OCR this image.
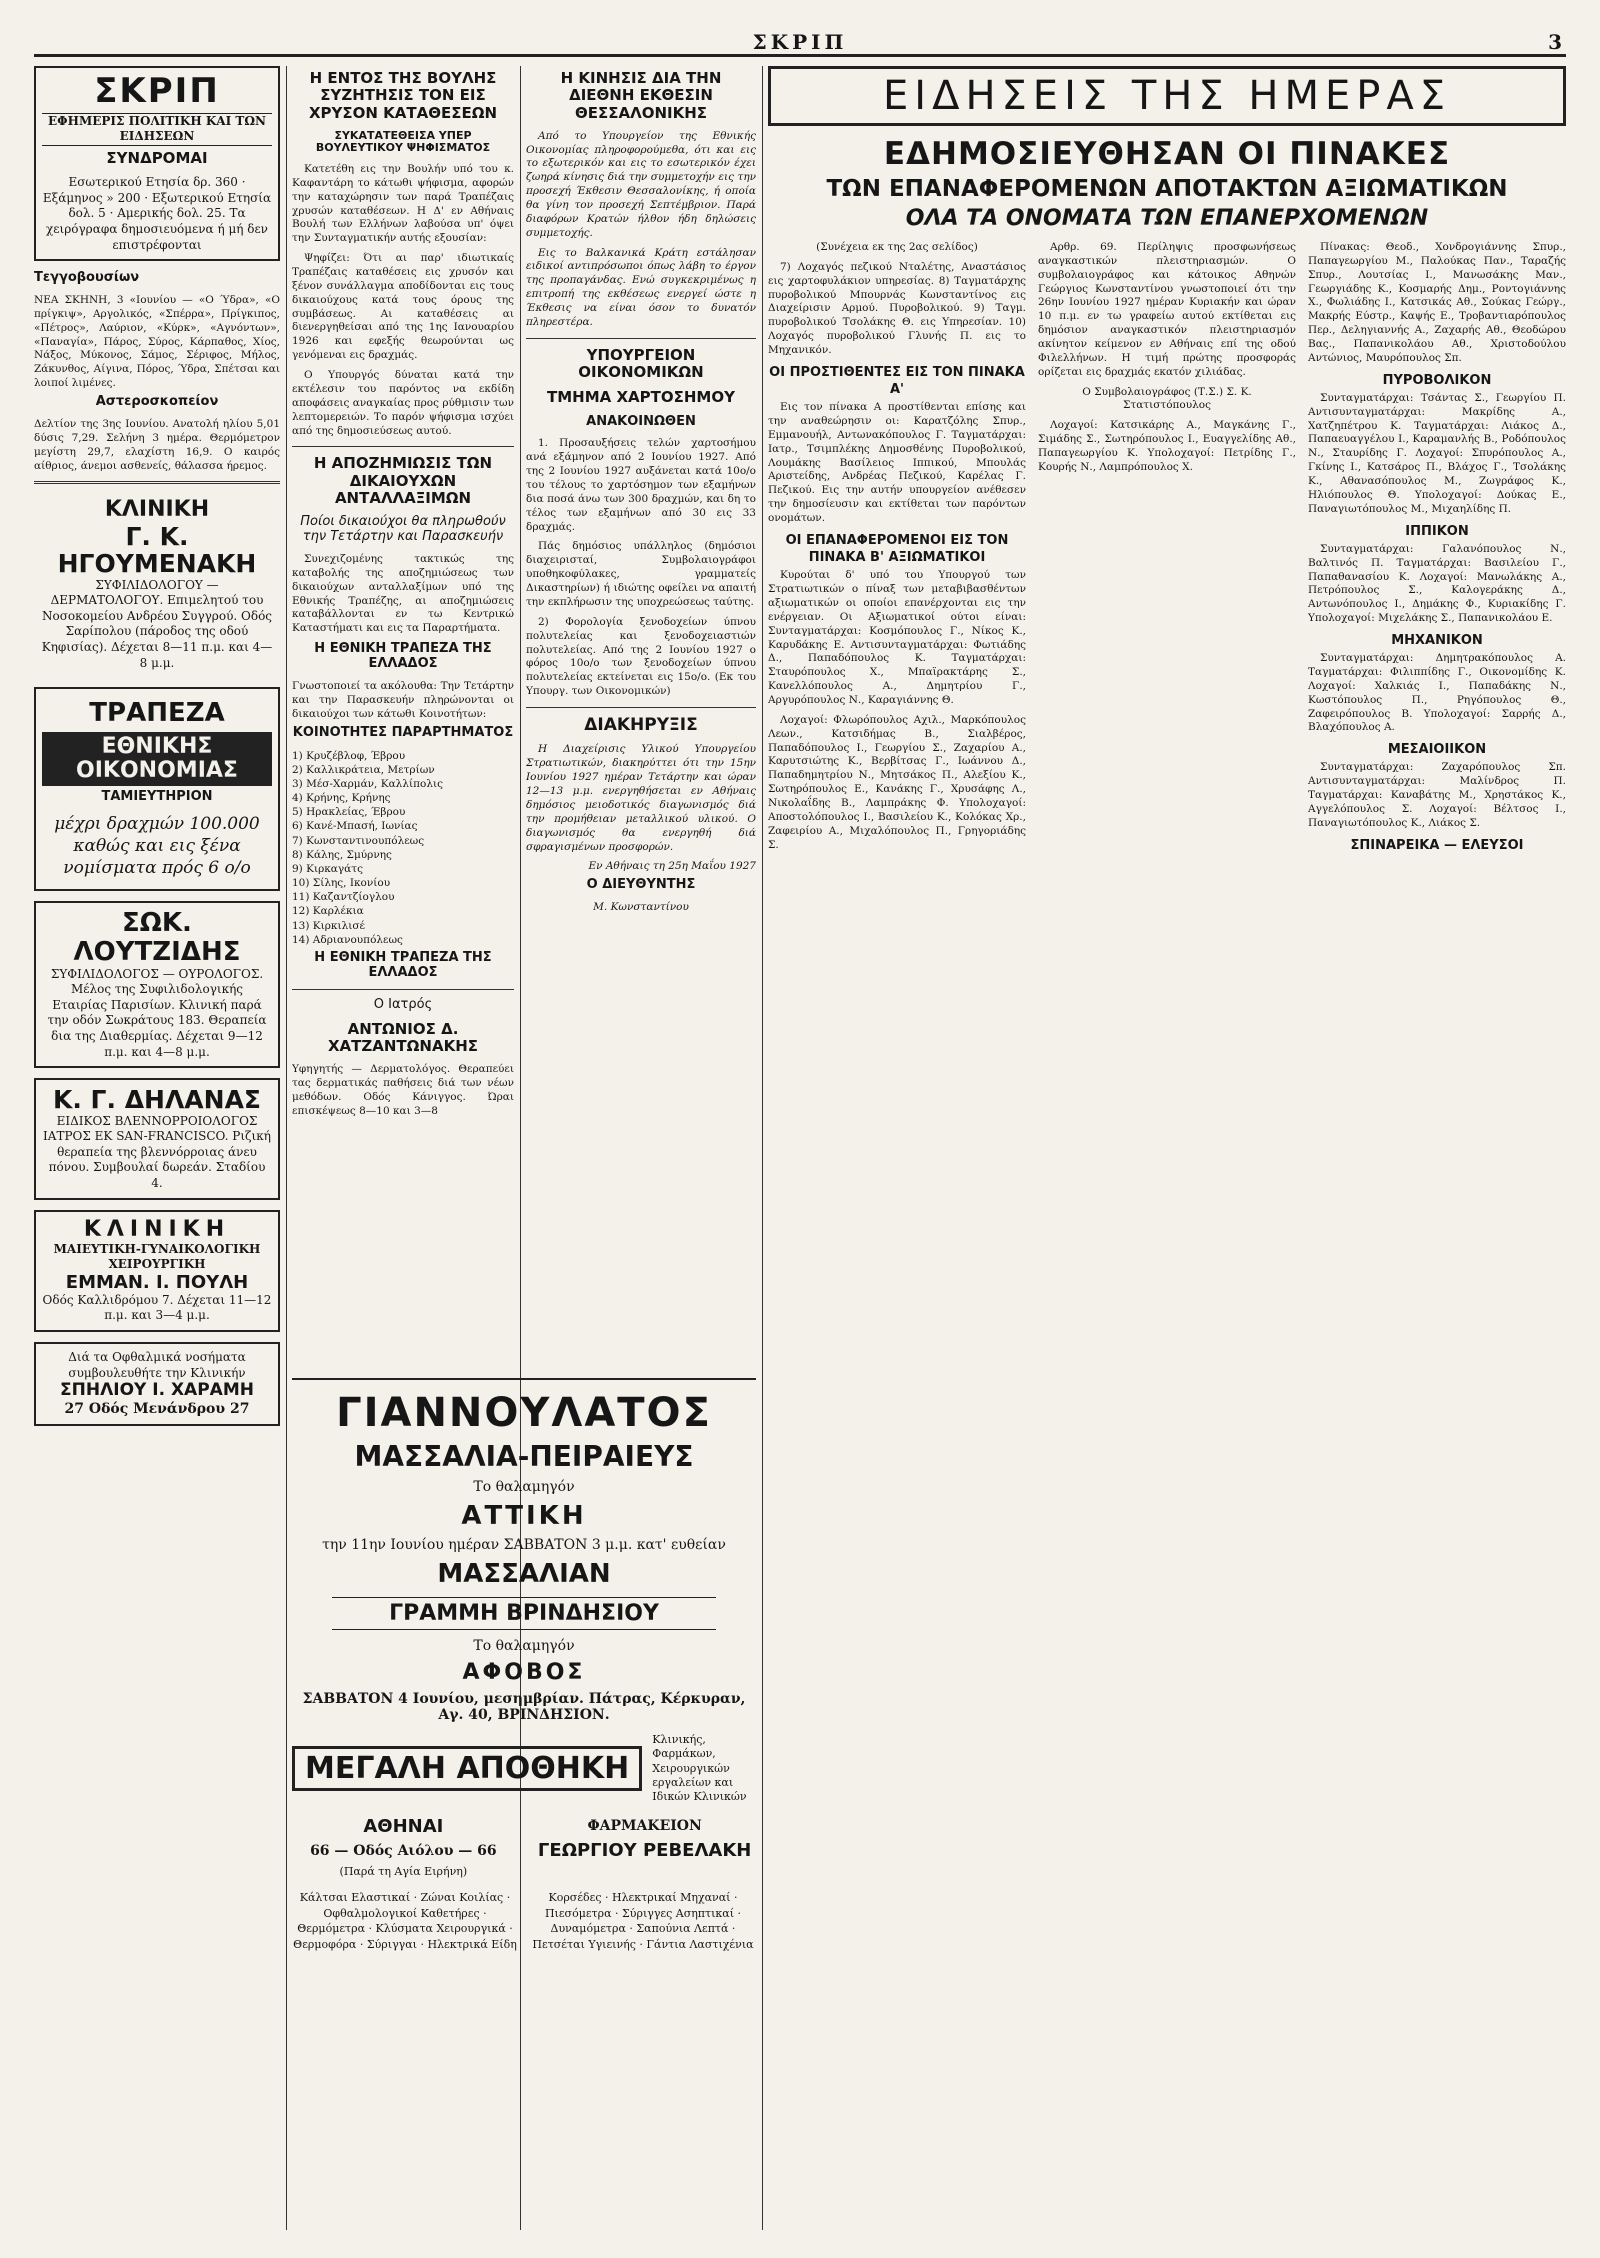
ΣΚΡΙΠ	3
ΣΚΡΙΠ
ΕΦΗΜΕΡΙΣ ΠΟΛΙΤΙΚΗ ΚΑΙ ΤΩΝ ΕΙΔΗΣΕΩΝ
ΣΥΝΔΡΟΜΑΙ
Εσωτερικού Ετησία δρ. 360 · Εξάμηνος » 200 · Εξωτερικού Ετησία δολ. 5 · Αμερικής δολ. 25. Τα χειρόγραφα δημοσιευόμενα ή μή δεν επιστρέφονται
Τεγγοβουσίων
ΝΕΑ ΣΚΗΝΗ, 3 «Ιουνίου — «Ο Ύδρα», «Ο πρίγκιψ», Αργολικός, «Σπέρρα», Πρίγκιπος, «Πέτρος», Λαύριον, «Κύρκ», «Αγνόντων», «Παναγία», Πάρος, Σύρος, Κάρπαθος, Χίος, Νάξος, Μύκονος, Σάμος, Σέριφος, Μήλος, Ζάκυνθος, Αίγινα, Πόρος, Ύδρα, Σπέτσαι και λοιποί λιμένες.
Αστεροσκοπείον
Δελτίον της 3ης Ιουνίου. Ανατολή ηλίου 5,01 δύσις 7,29. Σελήνη 3 ημέρα. Θερμόμετρον μεγίστη 29,7, ελαχίστη 16,9. Ο καιρός αίθριος, άνεμοι ασθενείς, θάλασσα ήρεμος.
ΚΛΙΝΙΚΗ
Γ. Κ. ΗΓΟΥΜΕΝΑΚΗ
ΣΥΦΙΛΙΔΟΛΟΓΟΥ — ΔΕΡΜΑΤΟΛΟΓΟΥ. Επιμελητού του Νοσοκομείου Ανδρέου Συγγρού. Οδός Σαρίπολου (πάροδος της οδού Κηφισίας). Δέχεται 8—11 π.μ. και 4—8 μ.μ.
ΤΡΑΠΕΖΑ
ΕΘΝΙΚΗΣ ΟΙΚΟΝΟΜΙΑΣ
ΤΑΜΙΕΥΤΗΡΙΟΝ
μέχρι δραχμών 100.000 καθώς και εις ξένα νομίσματα πρός 6 ο/ο
ΣΩΚ. ΛΟΥΤΖΙΔΗΣ
ΣΥΦΙΛΙΔΟΛΟΓΟΣ — ΟΥΡΟΛΟΓΟΣ. Μέλος της Συφιλιδολογικής Εταιρίας Παρισίων. Κλινική παρά την οδόν Σωκράτους 183. Θεραπεία δια της Διαθερμίας. Δέχεται 9—12 π.μ. και 4—8 μ.μ.
Κ. Γ. ΔΗΛΑΝΑΣ
ΕΙΔΙΚΟΣ ΒΛΕΝΝΟΡΡΟΙΟΛΟΓΟΣ ΙΑΤΡΟΣ ΕΚ SAN-FRANCISCO. Ριζική θεραπεία της βλεννόρροιας άνευ πόνου. Συμβουλαί δωρεάν. Σταδίου 4.
ΚΛΙΝΙΚΗ
ΜΑΙΕΥΤΙΚΗ-ΓΥΝΑΙΚΟΛΟΓΙΚΗ ΧΕΙΡΟΥΡΓΙΚΗ
ΕΜΜΑΝ. Ι. ΠΟΥΛΗ
Οδός Καλλιδρόμου 7. Δέχεται 11—12 π.μ. και 3—4 μ.μ.
Διά τα Οφθαλμικά νοσήματα συμβουλευθήτε την Κλινικήν
ΣΠΗΛΙΟΥ Ι. ΧΑΡΑΜΗ
27 Οδός Μενάνδρου 27
Η ΕΝΤΟΣ ΤΗΣ ΒΟΥΛΗΣ ΣΥΖΗΤΗΣΙΣ ΤΟΝ ΕΙΣ ΧΡΥΣΟΝ ΚΑΤΑΘΕΣΕΩΝ
ΣΥΚΑΤΑΤΕΘΕΙΣΑ ΥΠΕΡ ΒΟΥΛΕΥΤΙΚΟΥ ΨΗΦΙΣΜΑΤΟΣ

Κατετέθη εις την Βουλήν υπό του κ. Καφαντάρη το κάτωθι ψήφισμα, αφορών την καταχώρησιν των παρά Τραπέζαις χρυσών καταθέσεων. Η Δ' εν Αθήναις Βουλή των Ελλήνων λαβούσα υπ' όψει την Συνταγματικήν αυτής εξουσίαν:

Ψηφίζει: Ότι αι παρ' ιδιωτικαίς Τραπέζαις καταθέσεις εις χρυσόν και ξένον συνάλλαγμα αποδίδονται εις τους δικαιούχους κατά τους όρους της συμβάσεως. Αι καταθέσεις αι διενεργηθείσαι από της 1ης Ιανουαρίου 1926 και εφεξής θεωρούνται ως γενόμεναι εις δραχμάς.

Ο Υπουργός δύναται κατά την εκτέλεσιν του παρόντος να εκδίδη αποφάσεις αναγκαίας προς ρύθμισιν των λεπτομερειών. Το παρόν ψήφισμα ισχύει από της δημοσιεύσεως αυτού.

Η ΑΠΟΖΗΜΙΩΣΙΣ ΤΩΝ ΔΙΚΑΙΟΥΧΩΝ ΑΝΤΑΛΛΑΞΙΜΩΝ
Ποίοι δικαιούχοι θα πληρωθούν την Τετάρτην και Παρασκευήν

Συνεχιζομένης τακτικώς της καταβολής της αποζημιώσεως των δικαιούχων ανταλλαξίμων υπό της Εθνικής Τραπέζης, αι αποζημιώσεις καταβάλλονται εν τω Κεντρικώ Καταστήματι και εις τα Παραρτήματα.

Η ΕΘΝΙΚΗ ΤΡΑΠΕΖΑ ΤΗΣ ΕΛΛΑΔΟΣ
Γνωστοποιεί τα ακόλουθα: Την Τετάρτην και την Παρασκευήν πληρώνονται οι δικαιούχοι των κάτωθι Κοινοτήτων:
ΚΟΙΝΟΤΗΤΕΣ ΠΑΡΑΡΤΗΜΑΤΟΣ
1) Κρυζέβλοφ, Έβρου
2) Καλλικράτεια, Μετρίων
3) Μέσ-Χαρμάν, Καλλίπολις
4) Κρήνης, Κρήνης
5) Ηρακλείας, Έβρου
6) Κανέ-Μπασή, Ιωνίας
7) Κωνσταντινουπόλεως
8) Κάλης, Σμύρνης
9) Κιρκαγάτς
10) Σίλης, Ικονίου
11) Καζαντζίογλου
12) Καρλέκια
13) Κιρκιλισέ
14) Αδριανουπόλεως
Η ΕΘΝΙΚΗ ΤΡΑΠΕΖΑ ΤΗΣ ΕΛΛΑΔΟΣ
Ο Ιατρός
ΑΝΤΩΝΙΟΣ Δ. ΧΑΤΖΑΝΤΩΝΑΚΗΣ
Υφηγητής — Δερματολόγος. Θεραπεύει τας δερματικάς παθήσεις διά των νέων μεθόδων. Οδός Κάνιγγος. Ώραι επισκέψεως 8—10 και 3—8
Η ΚΙΝΗΣΙΣ ΔΙΑ ΤΗΝ ΔΙΕΘΝΗ ΕΚΘΕΣΙΝ ΘΕΣΣΑΛΟΝΙΚΗΣ

Από το Υπουργείον της Εθνικής Οικονομίας πληροφορούμεθα, ότι και εις το εξωτερικόν και εις το εσωτερικόν έχει ζωηρά κίνησις διά την συμμετοχήν εις την προσεχή Έκθεσιν Θεσσαλονίκης, ή οποία θα γίνη τον προσεχή Σεπτέμβριον. Παρά διαφόρων Κρατών ήλθον ήδη δηλώσεις συμμετοχής.

Εις το Βαλκανικά Κράτη εστάλησαν ειδικοί αντιπρόσωποι όπως λάβη το έργον της προπαγάνδας. Ενώ συγκεκριμένως η επιτροπή της εκθέσεως ενεργεί ώστε η Έκθεσις να είναι όσον το δυνατόν πληρεστέρα.

ΥΠΟΥΡΓΕΙΟΝ ΟΙΚΟΝΟΜΙΚΩΝ
ΤΜΗΜΑ ΧΑΡΤΟΣΗΜΟΥ
ΑΝΑΚΟΙΝΩΘΕΝ

1. Προσαυξήσεις τελών χαρτοσήμου ανά εξάμηνον από 2 Ιουνίου 1927. Από της 2 Ιουνίου 1927 αυξάνεται κατά 10ο/ο του τέλους το χαρτόσημον των εξαμήνων δια ποσά άνω των 300 δραχμών, και δη το τέλος των εξαμήνων από 30 εις 33 δραχμάς.

Πάς δημόσιος υπάλληλος (δημόσιοι διαχειρισταί, Συμβολαιογράφοι υποθηκοφύλακες, γραμματείς Δικαστηρίων) ή ιδιώτης οφείλει να απαιτή την εκπλήρωσιν της υποχρεώσεως ταύτης.

2) Φορολογία ξενοδοχείων ύπνου πολυτελείας και ξενοδοχειαστιών πολυτελείας. Από της 2 Ιουνίου 1927 ο φόρος 10ο/ο των ξενοδοχείων ύπνου πολυτελείας εκτείνεται εις 15ο/ο. (Εκ του Υπουργ. των Οικονομικών)

ΔΙΑΚΗΡΥΞΙΣ

Η Διαχείρισις Υλικού Υπουργείου Στρατιωτικών, διακηρύττει ότι την 15ην Ιουνίου 1927 ημέραν Τετάρτην και ώραν 12—13 μ.μ. ενεργηθήσεται εν Αθήναις δημόσιος μειοδοτικός διαγωνισμός διά την προμήθειαν μεταλλικού υλικού. Ο διαγωνισμός θα ενεργηθή διά σφραγισμένων προσφορών.

Εν Αθήναις τη 25η Μαΐου 1927
Ο ΔΙΕΥΘΥΝΤΗΣ
Μ. Κωνσταντίνου
ΓΙΑΝΝΟΥΛΑΤΟΣ
ΜΑΣΣΑΛΙΑ-ΠΕΙΡΑΙΕΥΣ
Το θαλαμηγόν
ΑΤΤΙΚΗ
την 11ην Ιουνίου ημέραν ΣΑΒΒΑΤΟΝ 3 μ.μ. κατ' ευθείαν
ΜΑΣΣΑΛΙΑΝ
ΓΡΑΜΜΗ ΒΡΙΝΔΗΣΙΟΥ
Το θαλαμηγόν
ΑΦΟΒΟΣ
ΣΑΒΒΑΤΟΝ 4 Ιουνίου, μεσημβρίαν. Πάτρας, Κέρκυραν, Αγ. 40, ΒΡΙΝΔΗΣΙΟΝ.
ΜΕΓΑΛΗ ΑΠΟΘΗΚΗ
Κλινικής, Φαρμάκων, Χειρουργικών εργαλείων και Ιδικών Κλινικών
ΑΘΗΝΑΙ
66 — Οδός Αιόλου — 66
(Παρά τη Αγία Ειρήνη)
ΦΑΡΜΑΚΕΙΟΝ
ΓΕΩΡΓΙΟΥ ΡΕΒΕΛΑΚΗ
Κάλτσαι Ελαστικαί · Ζώναι Κοιλίας · Οφθαλμολογικοί Καθετήρες · Θερμόμετρα · Κλύσματα Χειρουργικά · Θερμοφόρα · Σύριγγαι · Ηλεκτρικά Είδη
Κορσέδες · Ηλεκτρικαί Μηχαναί · Πιεσόμετρα · Σύριγγες Ασηπτικαί · Δυναμόμετρα · Σαπούνια Λεπτά · Πετσέται Υγιεινής · Γάντια Λαστιχένια
ΕΙΔΗΣΕΙΣ ΤΗΣ ΗΜΕΡΑΣ
ΕΔΗΜΟΣΙΕΥΘΗΣΑΝ ΟΙ ΠΙΝΑΚΕΣ
ΤΩΝ ΕΠΑΝΑΦΕΡΟΜΕΝΩΝ ΑΠΟΤΑΚΤΩΝ ΑΞΙΩΜΑΤΙΚΩΝ
ΟΛΑ ΤΑ ΟΝΟΜΑΤΑ ΤΩΝ ΕΠΑΝΕΡΧΟΜΕΝΩΝ

(Συνέχεια εκ της 2ας σελίδος)

7) Λοχαγός πεζικού Νταλέτης, Αναστάσιος εις χαρτοφυλάκιον υπηρεσίας. 8) Ταγματάρχης πυροβολικού Μπουρνάς Κωνσταντίνος εις Διαχείρισιν Αρμού. Πυροβολικού. 9) Ταγμ. πυροβολικού Τσολάκης Θ. εις Υπηρεσίαν. 10) Λοχαγός πυροβολικού Γλυνής Π. εις το Μηχανικόν.

ΟΙ ΠΡΟΣΤΙΘΕΝΤΕΣ ΕΙΣ ΤΟΝ ΠΙΝΑΚΑ Α'

Εις τον πίνακα Α προστίθενται επίσης και την αναθεώρησιν οι: Καρατζόλης Σπυρ., Εμμανουήλ, Αντωνακόπουλος Γ. Ταγματάρχαι: Ιατρ., Τσιμπλέκης Δημοσθένης Πυροβολικού, Λουμάκης Βασίλειος Ιππικού, Μπουλάς Αριστείδης, Ανδρέας Πεζικού, Καρέλας Γ. Πεζικού. Εις την αυτήν υπουργείον ανέθεσεν την δημοσίευσιν και εκτίθεται των παρόντων ονομάτων.

ΟΙ ΕΠΑΝΑΦΕΡΟΜΕΝΟΙ ΕΙΣ ΤΟΝ ΠΙΝΑΚΑ Β' ΑΞΙΩΜΑΤΙΚΟΙ

Κυρούται δ' υπό του Υπουργού των Στρατιωτικών ο πίναξ των μεταβιβασθέντων αξιωματικών οι οποίοι επανέρχονται εις την ενέργειαν. Οι Αξιωματικοί ούτοι είναι: Συνταγματάρχαι: Κοσμόπουλος Γ., Νίκος Κ., Καρυδάκης Ε. Αντισυνταγματάρχαι: Φωτιάδης Δ., Παπαδόπουλος Κ. Ταγματάρχαι: Σταυρόπουλος Χ., Μπαϊρακτάρης Σ., Κανελλόπουλος Α., Δημητρίου Γ., Αργυρόπουλος Ν., Καραγιάννης Θ.

Λοχαγοί: Φλωρόπουλος Αχιλ., Μαρκόπουλος Λεων., Κατσιδήμας Β., Σιαλβέρος, Παπαδόπουλος Ι., Γεωργίου Σ., Ζαχαρίου Α., Καρυτσιώτης Κ., Βερβίτσας Γ., Ιωάννου Δ., Παπαδημητρίου Ν., Μητσάκος Π., Αλεξίου Κ., Σωτηρόπουλος Ε., Κανάκης Γ., Χρυσάφης Λ., Νικολαΐδης Β., Λαμπράκης Φ. Υπολοχαγοί: Αποστολόπουλος Ι., Βασιλείου Κ., Κολόκας Χρ., Ζαφειρίου Α., Μιχαλόπουλος Π., Γρηγοριάδης Σ.

Αρθρ. 69. Περίληψις προσφωνήσεως αναγκαστικών πλειστηριασμών. Ο συμβολαιογράφος και κάτοικος Αθηνών Γεώργιος Κωνσταντίνου γνωστοποιεί ότι την 26ην Ιουνίου 1927 ημέραν Κυριακήν και ώραν 10 π.μ. εν τω γραφείω αυτού εκτίθεται εις δημόσιον αναγκαστικόν πλειστηριασμόν ακίνητον κείμενον εν Αθήναις επί της οδού Φιλελλήνων. Η τιμή πρώτης προσφοράς ορίζεται εις δραχμάς εκατόν χιλιάδας.

Ο Συμβολαιογράφος (Τ.Σ.) Σ. Κ. Στατιστόπουλος

Λοχαγοί: Κατσικάρης Α., Μαγκάνης Γ., Σιμάδης Σ., Σωτηρόπουλος Ι., Ευαγγελίδης Αθ., Παπαγεωργίου Κ. Υπολοχαγοί: Πετρίδης Γ., Κουρής Ν., Λαμπρόπουλος Χ.

Πίνακας: Θεοδ., Χονδρογιάννης Σπυρ., Παπαγεωργίου Μ., Παλούκας Παν., Ταραζής Σπυρ., Λουτσίας Ι., Μανωσάκης Μαν., Γεωργιάδης Κ., Κοσμαρής Δημ., Ροντογιάννης Χ., Φωλιάδης Ι., Κατσικάς Αθ., Σούκας Γεώργ., Μακρής Εύστρ., Καψής Ε., Τροβαντιαρόπουλος Περ., Δεληγιαννής Α., Ζαχαρής Αθ., Θεοδώρου Βας., Παπανικολάου Αθ., Χριστοδούλου Αντώνιος, Μαυρόπουλος Σπ.

ΠΥΡΟΒΟΛΙΚΟΝ

Συνταγματάρχαι: Τσάντας Σ., Γεωργίου Π. Αντισυνταγματάρχαι: Μακρίδης Α., Χατζηπέτρου Κ. Ταγματάρχαι: Λιάκος Δ., Παπαευαγγέλου Ι., Καραμανλής Β., Ροδόπουλος Ν., Σταυρίδης Γ. Λοχαγοί: Σπυρόπουλος Α., Γκίνης Ι., Κατσάρος Π., Βλάχος Γ., Τσολάκης Κ., Αθανασόπουλος Μ., Ζωγράφος Κ., Ηλιόπουλος Θ. Υπολοχαγοί: Δούκας Ε., Παναγιωτόπουλος Μ., Μιχαηλίδης Π.

ΙΠΠΙΚΟΝ

Συνταγματάρχαι: Γαλανόπουλος Ν., Βαλτινός Π. Ταγματάρχαι: Βασιλείου Γ., Παπαθανασίου Κ. Λοχαγοί: Μανωλάκης Α., Πετρόπουλος Σ., Καλογεράκης Δ., Αντωνόπουλος Ι., Δημάκης Φ., Κυριακίδης Γ. Υπολοχαγοί: Μιχελάκης Σ., Παπανικολάου Ε.

ΜΗΧΑΝΙΚΟΝ

Συνταγματάρχαι: Δημητρακόπουλος Α. Ταγματάρχαι: Φιλιππίδης Γ., Οικονομίδης Κ. Λοχαγοί: Χαλκιάς Ι., Παπαδάκης Ν., Κωστόπουλος Π., Ρηγόπουλος Θ., Ζαφειρόπουλος Β. Υπολοχαγοί: Σαρρής Δ., Βλαχόπουλος Α.

ΜΕΣΑΙΟΙΙΚΟΝ

Συνταγματάρχαι: Ζαχαρόπουλος Σπ. Αντισυνταγματάρχαι: Μαλίνδρος Π. Ταγματάρχαι: Καναβάτης Μ., Χρηστάκος Κ., Αγγελόπουλος Σ. Λοχαγοί: Βέλτσος Ι., Παναγιωτόπουλος Κ., Λιάκος Σ.

ΣΠΙΝΑΡΕΙΚΑ — ΕΛΕΥΣΟΙ
